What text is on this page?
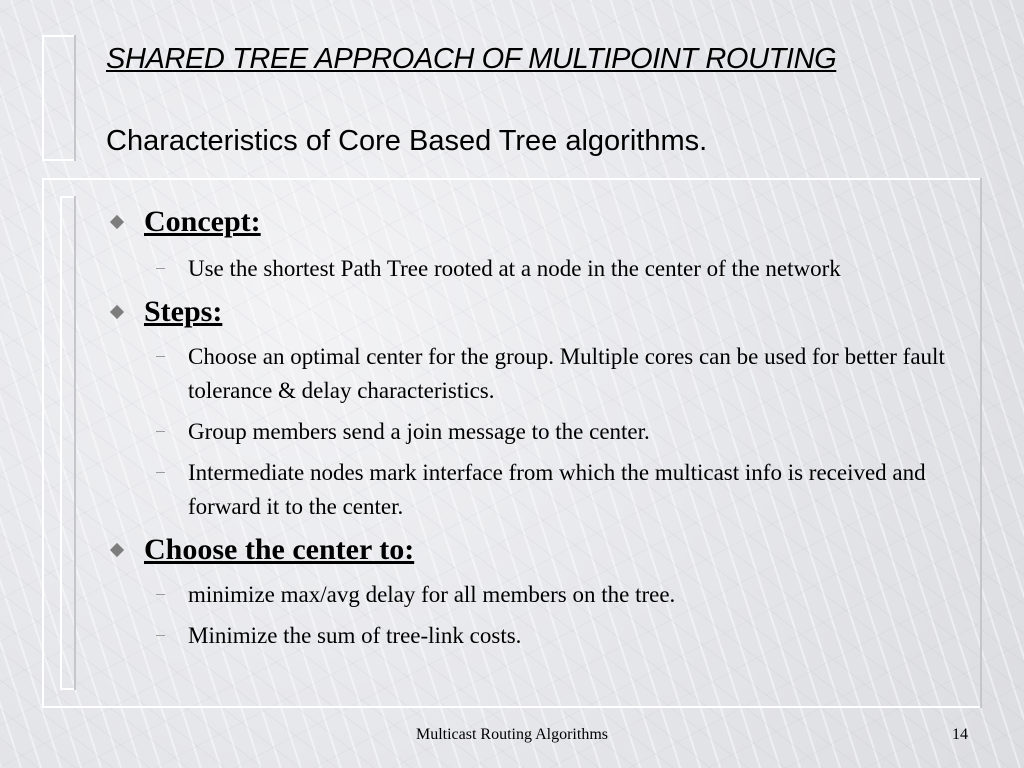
SHARED TREE APPROACH OF MULTIPOINT ROUTING
Characteristics of Core Based Tree algorithms.
Concept:
Use the shortest Path Tree rooted at a node in the center of the network
Steps:
Choose an optimal center for the group. Multiple cores can be used for better fault tolerance & delay characteristics.
Group members send a join message to the center.
Intermediate nodes mark interface from which the multicast info is received and forward it to the center.
Choose the center to:
minimize max/avg delay for all members on the tree.
Minimize the sum of tree-link costs.
Multicast Routing Algorithms	14
